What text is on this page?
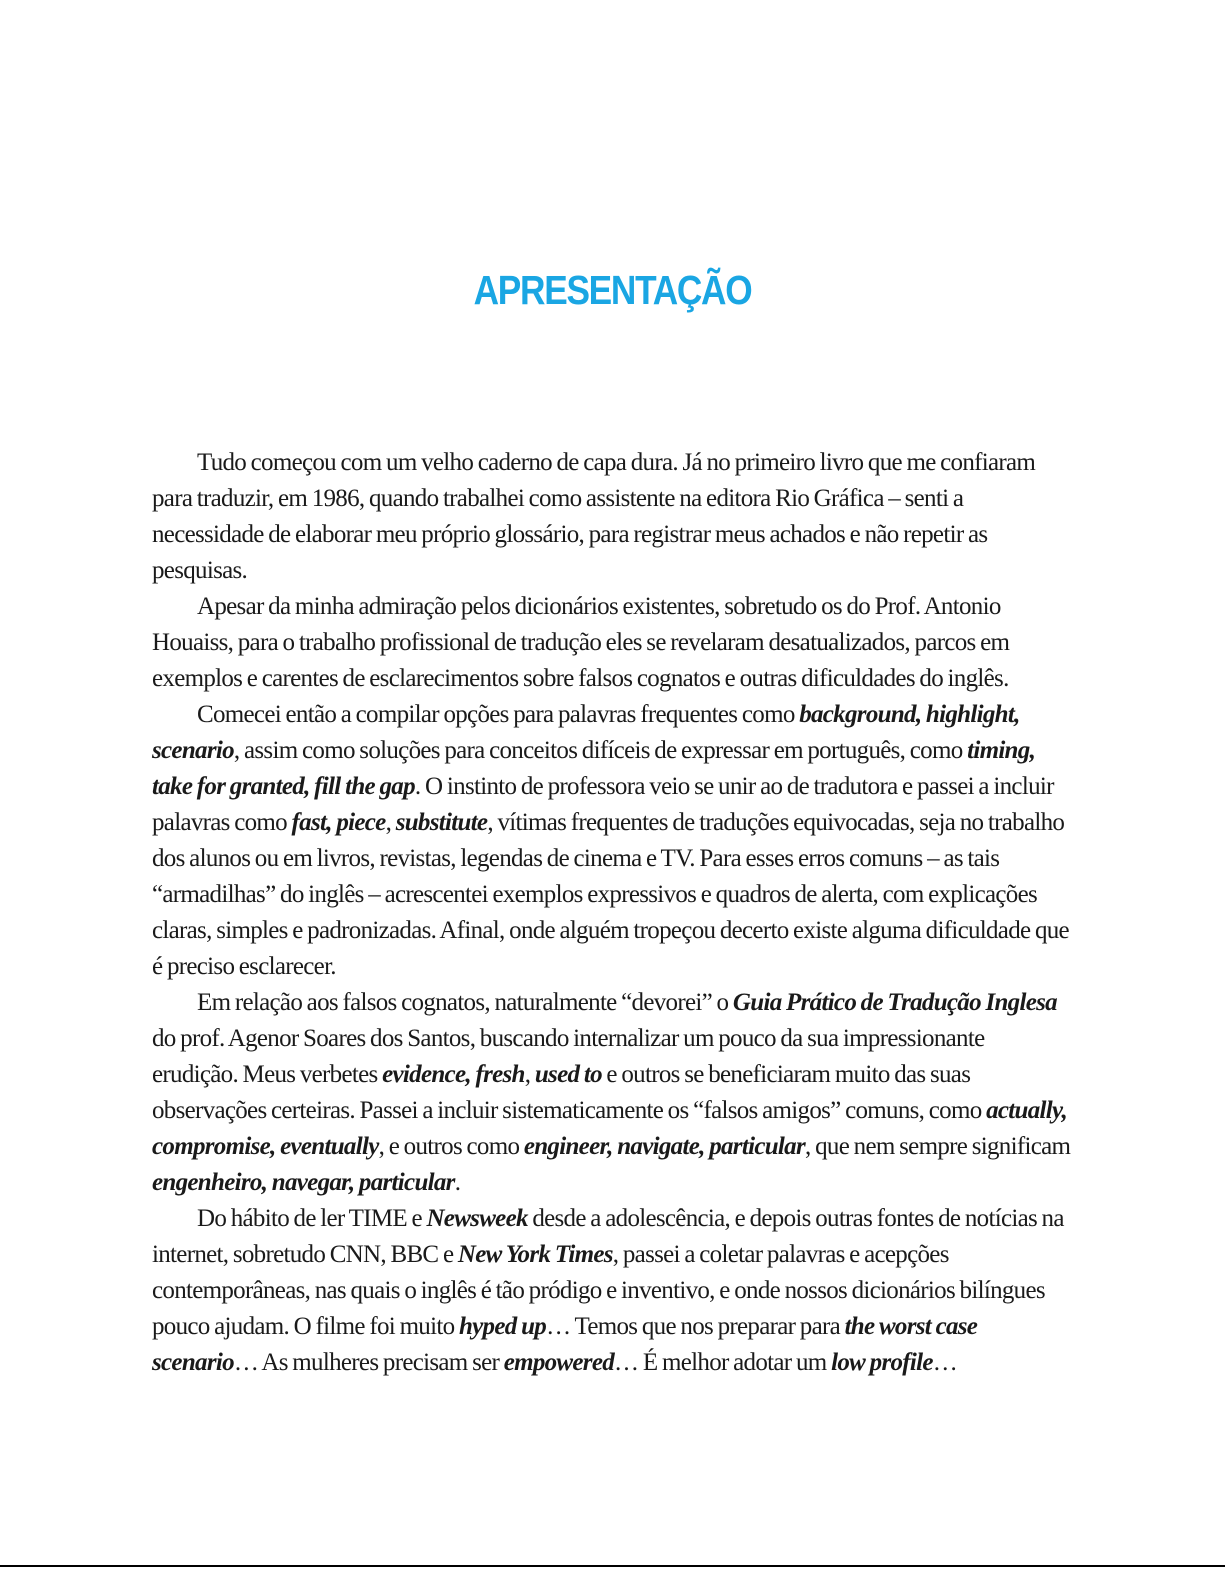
APRESENTAÇÃO

Tudo começou com um velho caderno de capa dura. Já no primeiro livro que me confiaram para traduzir, em 1986, quando trabalhei como assistente na editora Rio Gráfica – senti a necessidade de elaborar meu próprio glossário, para registrar meus achados e não repetir as pesquisas.

Apesar da minha admiração pelos dicionários existentes, sobretudo os do Prof. Antonio Houaiss, para o trabalho profissional de tradução eles se revelaram desatualizados, parcos em exemplos e carentes de esclarecimentos sobre falsos cognatos e outras dificuldades do inglês.

Comecei então a compilar opções para palavras frequentes como background, highlight, scenario, assim como soluções para conceitos difíceis de expressar em português, como timing, take for granted, fill the gap. O instinto de professora veio se unir ao de tradutora e passei a incluir palavras como fast, piece, substitute, vítimas frequentes de traduções equivocadas, seja no trabalho dos alunos ou em livros, revistas, legendas de cinema e TV. Para esses erros comuns – as tais “armadilhas” do inglês – acrescentei exemplos expressivos e quadros de alerta, com explicações claras, simples e padronizadas. Afinal, onde alguém tropeçou decerto existe alguma dificuldade que é preciso esclarecer.

Em relação aos falsos cognatos, naturalmente “devorei” o Guia Prático de Tradução Inglesa do prof. Agenor Soares dos Santos, buscando internalizar um pouco da sua impressionante erudição. Meus verbetes evidence, fresh, used to e outros se beneficiaram muito das suas observações certeiras. Passei a incluir sistematicamente os “falsos amigos” comuns, como actually, compromise, eventually, e outros como engineer, navigate, particular, que nem sempre significam engenheiro, navegar, particular.

Do hábito de ler TIME e Newsweek desde a adolescência, e depois outras fontes de notícias na internet, sobretudo CNN, BBC e New York Times, passei a coletar palavras e acepções contemporâneas, nas quais o inglês é tão pródigo e inventivo, e onde nossos dicionários bilíngues pouco ajudam. O filme foi muito hyped up… Temos que nos preparar para the worst case scenario… As mulheres precisam ser empowered… É melhor adotar um low profile…
